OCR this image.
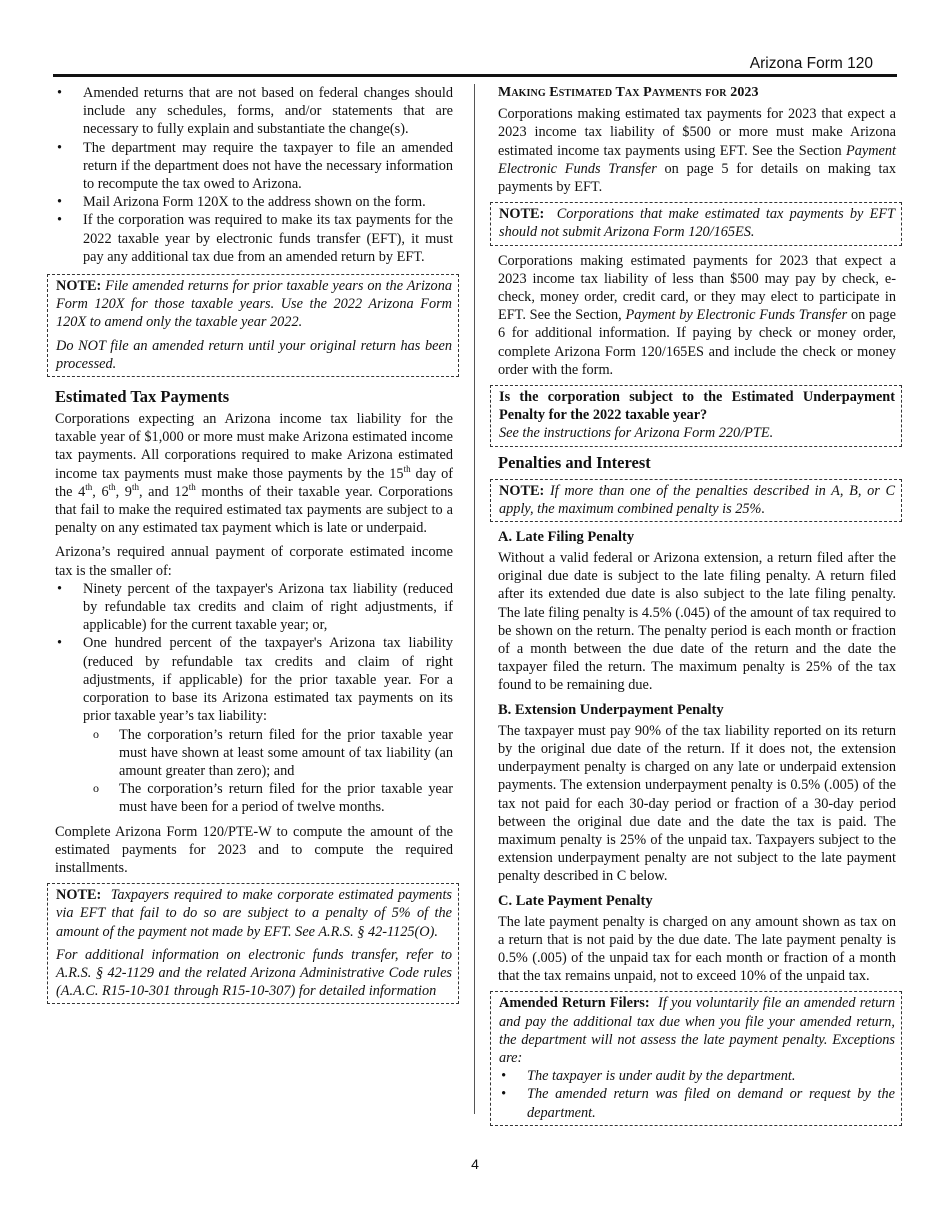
Arizona Form 120
• Amended returns that are not based on federal changes should include any schedules, forms, and/or statements that are necessary to fully explain and substantiate the change(s).
• The department may require the taxpayer to file an amended return if the department does not have the necessary information to recompute the tax owed to Arizona.
• Mail Arizona Form 120X to the address shown on the form.
• If the corporation was required to make its tax payments for the 2022 taxable year by electronic funds transfer (EFT), it must pay any additional tax due from an amended return by EFT.

NOTE: File amended returns for prior taxable years on the Arizona Form 120X for those taxable years. Use the 2022 Arizona Form 120X to amend only the taxable year 2022.

Do NOT file an amended return until your original return has been processed.

Estimated Tax Payments

Corporations expecting an Arizona income tax liability for the taxable year of $1,000 or more must make Arizona estimated income tax payments. All corporations required to make Arizona estimated income tax payments must make those payments by the 15th day of the 4th, 6th, 9th, and 12th months of their taxable year. Corporations that fail to make the required estimated tax payments are subject to a penalty on any estimated tax payment which is late or underpaid.

Arizona’s required annual payment of corporate estimated income tax is the smaller of:

• Ninety percent of the taxpayer's Arizona tax liability (reduced by refundable tax credits and claim of right adjustments, if applicable) for the current taxable year; or,
• One hundred percent of the taxpayer's Arizona tax liability (reduced by refundable tax credits and claim of right adjustments, if applicable) for the prior taxable year. For a corporation to base its Arizona estimated tax payments on its prior taxable year’s tax liability:
o The corporation’s return filed for the prior taxable year must have shown at least some amount of tax liability (an amount greater than zero); and
o The corporation’s return filed for the prior taxable year must have been for a period of twelve months.

Complete Arizona Form 120/PTE-W to compute the amount of the estimated payments for 2023 and to compute the required installments.

NOTE: Taxpayers required to make corporate estimated payments via EFT that fail to do so are subject to a penalty of 5% of the amount of the payment not made by EFT. See A.R.S. § 42-1125(O).

For additional information on electronic funds transfer, refer to A.R.S. § 42-1129 and the related Arizona Administrative Code rules (A.A.C. R15-10-301 through R15-10-307) for detailed information

Making Estimated Tax Payments for 2023

Corporations making estimated tax payments for 2023 that expect a 2023 income tax liability of $500 or more must make Arizona estimated income tax payments using EFT. See the Section Payment Electronic Funds Transfer on page 5 for details on making tax payments by EFT.

NOTE: Corporations that make estimated tax payments by EFT should not submit Arizona Form 120/165ES.

Corporations making estimated payments for 2023 that expect a 2023 income tax liability of less than $500 may pay by check, e-check, money order, credit card, or they may elect to participate in EFT. See the Section, Payment by Electronic Funds Transfer on page 6 for additional information. If paying by check or money order, complete Arizona Form 120/165ES and include the check or money order with the form.

Is the corporation subject to the Estimated Underpayment Penalty for the 2022 taxable year?

See the instructions for Arizona Form 220/PTE.

Penalties and Interest

NOTE: If more than one of the penalties described in A, B, or C apply, the maximum combined penalty is 25%.

A. Late Filing Penalty

Without a valid federal or Arizona extension, a return filed after the original due date is subject to the late filing penalty. A return filed after its extended due date is also subject to the late filing penalty. The late filing penalty is 4.5% (.045) of the amount of tax required to be shown on the return. The penalty period is each month or fraction of a month between the due date of the return and the date the taxpayer filed the return. The maximum penalty is 25% of the tax found to be remaining due.

B. Extension Underpayment Penalty

The taxpayer must pay 90% of the tax liability reported on its return by the original due date of the return. If it does not, the extension underpayment penalty is charged on any late or underpaid extension payments. The extension underpayment penalty is 0.5% (.005) of the tax not paid for each 30-day period or fraction of a 30-day period between the original due date and the date the tax is paid. The maximum penalty is 25% of the unpaid tax. Taxpayers subject to the extension underpayment penalty are not subject to the late payment penalty described in C below.

C. Late Payment Penalty

The late payment penalty is charged on any amount shown as tax on a return that is not paid by the due date. The late payment penalty is 0.5% (.005) of the unpaid tax for each month or fraction of a month that the tax remains unpaid, not to exceed 10% of the unpaid tax.

Amended Return Filers: If you voluntarily file an amended return and pay the additional tax due when you file your amended return, the department will not assess the late payment penalty. Exceptions are:

• The taxpayer is under audit by the department.
• The amended return was filed on demand or request by the department.
4
